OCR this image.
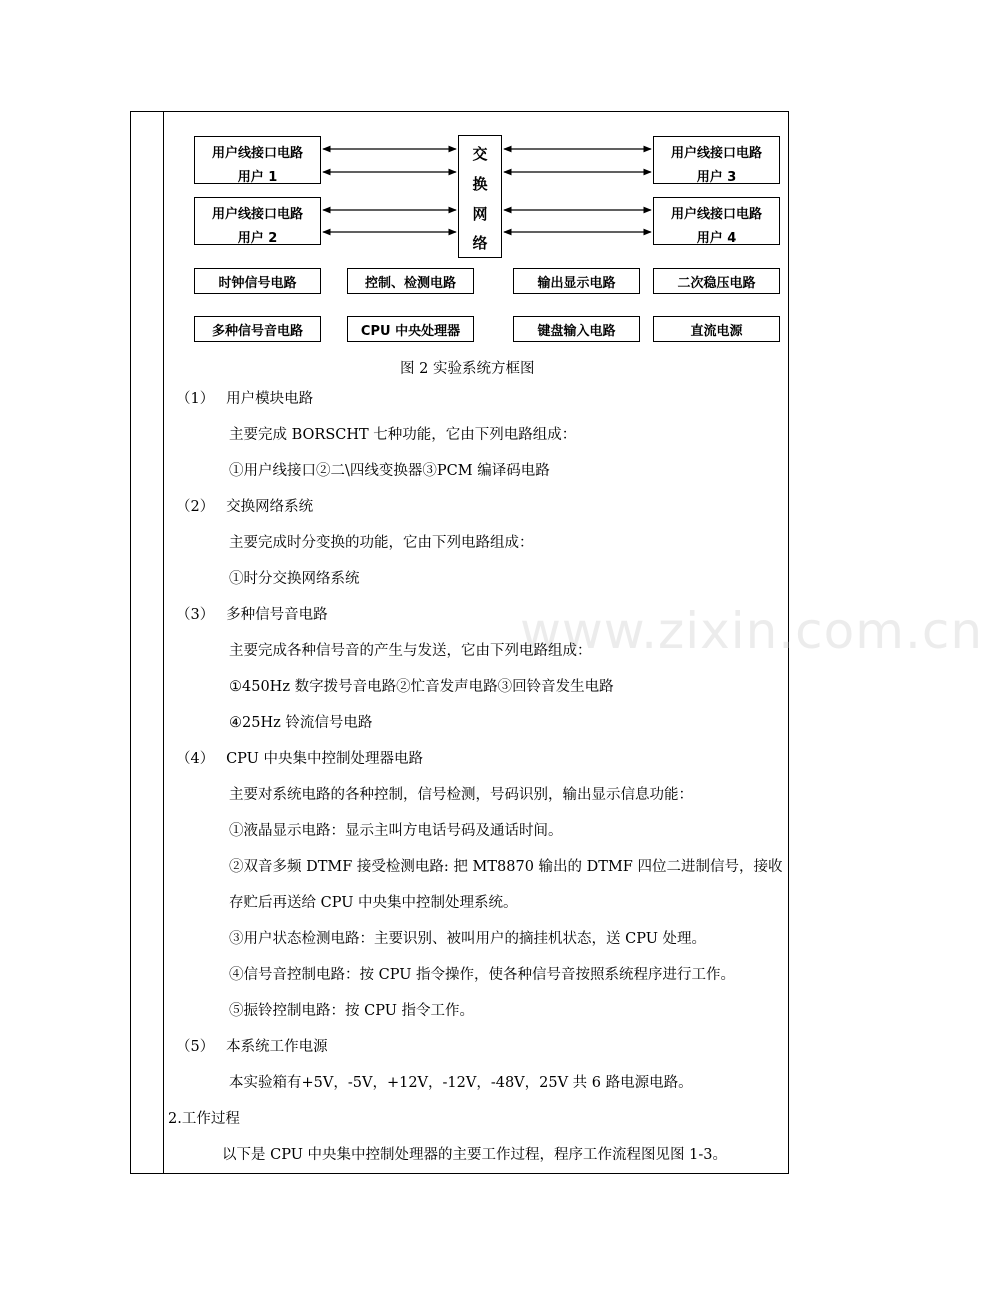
用户线接口电路
用户 1
用户线接口电路
用户 2
用户线接口电路
用户 3
用户线接口电路
用户 4
交
换
网
络
时钟信号电路	控制、检测电路	输出显示电路	二次稳压电路
多种信号音电路	CPU 中央处理器	键盘输入电路	直流电源
图 2 实验系统方框图
www.zixin.com.cn
（1）　 用户模块电路
主要完成 BORSCHT 七种功能，它由下列电路组成：
①用户线接口②二\四线变换器③PCM 编译码电路
（2）　 交换网络系统
主要完成时分变换的功能，它由下列电路组成：
①时分交换网络系统
（3）　 多种信号音电路
主要完成各种信号音的产生与发送，它由下列电路组成：
①450Hz 数字拨号音电路②忙音发声电路③回铃音发生电路
④25Hz 铃流信号电路
（4）　 CPU 中央集中控制处理器电路
主要对系统电路的各种控制，信号检测，号码识别，输出显示信息功能：
①液晶显示电路：显示主叫方电话号码及通话时间。
②双音多频 DTMF 接受检测电路: 把 MT8870 输出的 DTMF 四位二进制信号，接收
存贮后再送给 CPU 中央集中控制处理系统。
③用户状态检测电路：主要识别、被叫用户的摘挂机状态，送 CPU 处理。
④信号音控制电路：按 CPU 指令操作，使各种信号音按照系统程序进行工作。
⑤振铃控制电路：按 CPU 指令工作。
（5）　 本系统工作电源
本实验箱有+5V，-5V，+12V，-12V，-48V，25V 共 6 路电源电路。
2.工作过程
以下是 CPU 中央集中控制处理器的主要工作过程，程序工作流程图见图 1-3。
